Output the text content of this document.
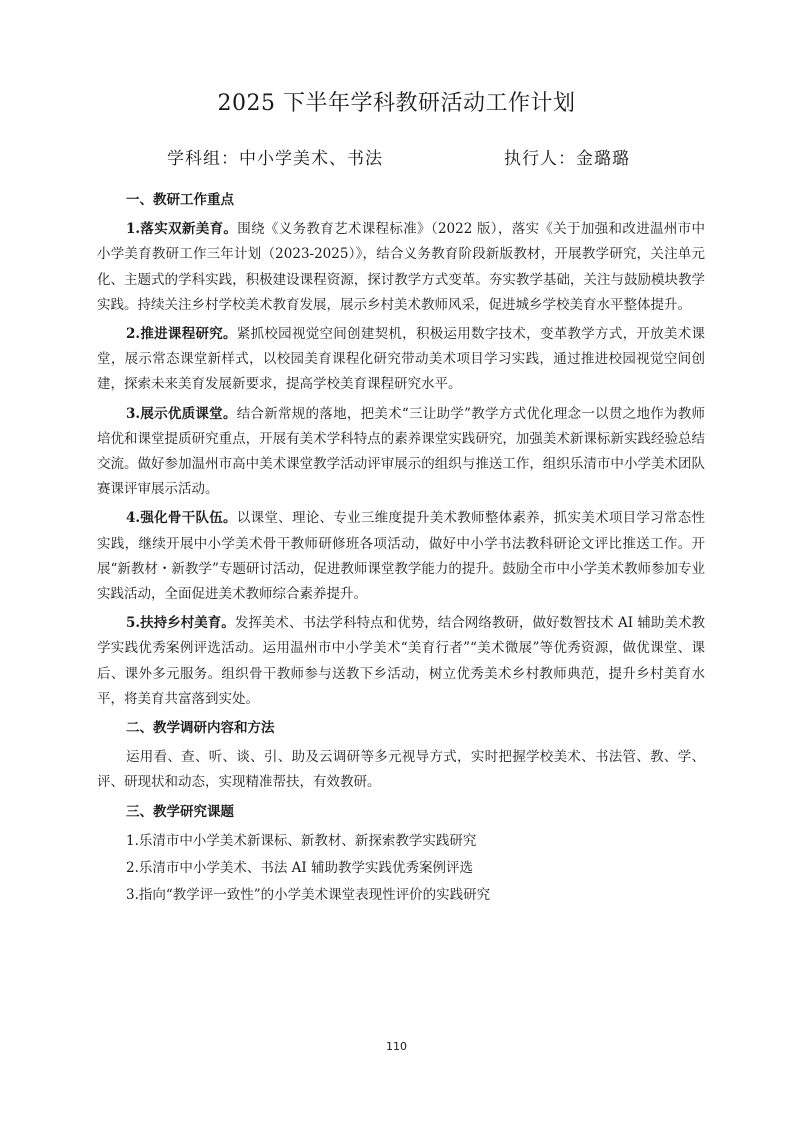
2025 下半年学科教研活动工作计划
学科组：中小学美术、书法	执行人：金璐璐
一、教研工作重点

1.落实双新美育。围绕《义务教育艺术课程标准》（2022 版），落实《关于加强和改进温州市中小学美育教研工作三年计划（2023-2025）》，结合义务教育阶段新版教材，开展教学研究，关注单元化、主题式的学科实践，积极建设课程资源，探讨教学方式变革。夯实教学基础，关注与鼓励模块教学实践。持续关注乡村学校美术教育发展，展示乡村美术教师风采，促进城乡学校美育水平整体提升。

2.推进课程研究。紧抓校园视觉空间创建契机，积极运用数字技术，变革教学方式，开放美术课堂，展示常态课堂新样式，以校园美育课程化研究带动美术项目学习实践，通过推进校园视觉空间创建，探索未来美育发展新要求，提高学校美育课程研究水平。

3.展示优质课堂。结合新常规的落地，把美术“三让助学”教学方式优化理念一以贯之地作为教师培优和课堂提质研究重点，开展有美术学科特点的素养课堂实践研究，加强美术新课标新实践经验总结交流。做好参加温州市高中美术课堂教学活动评审展示的组织与推送工作，组织乐清市中小学美术团队赛课评审展示活动。

4.强化骨干队伍。以课堂、理论、专业三维度提升美术教师整体素养，抓实美术项目学习常态性实践，继续开展中小学美术骨干教师研修班各项活动，做好中小学书法教科研论文评比推送工作。开展“新教材・新教学”专题研讨活动，促进教师课堂教学能力的提升。鼓励全市中小学美术教师参加专业实践活动，全面促进美术教师综合素养提升。

5.扶持乡村美育。发挥美术、书法学科特点和优势，结合网络教研，做好数智技术 AI 辅助美术教学实践优秀案例评选活动。运用温州市中小学美术“美育行者”“美术微展”等优秀资源，做优课堂、课后、课外多元服务。组织骨干教师参与送教下乡活动，树立优秀美术乡村教师典范，提升乡村美育水平，将美育共富落到实处。

二、教学调研内容和方法

运用看、查、听、谈、引、助及云调研等多元视导方式，实时把握学校美术、书法管、教、学、评、研现状和动态，实现精准帮扶，有效教研。

三、教学研究课题

1.乐清市中小学美术新课标、新教材、新探索教学实践研究

2.乐清市中小学美术、书法 AI 辅助教学实践优秀案例评选

3.指向“教学评一致性”的小学美术课堂表现性评价的实践研究

110
